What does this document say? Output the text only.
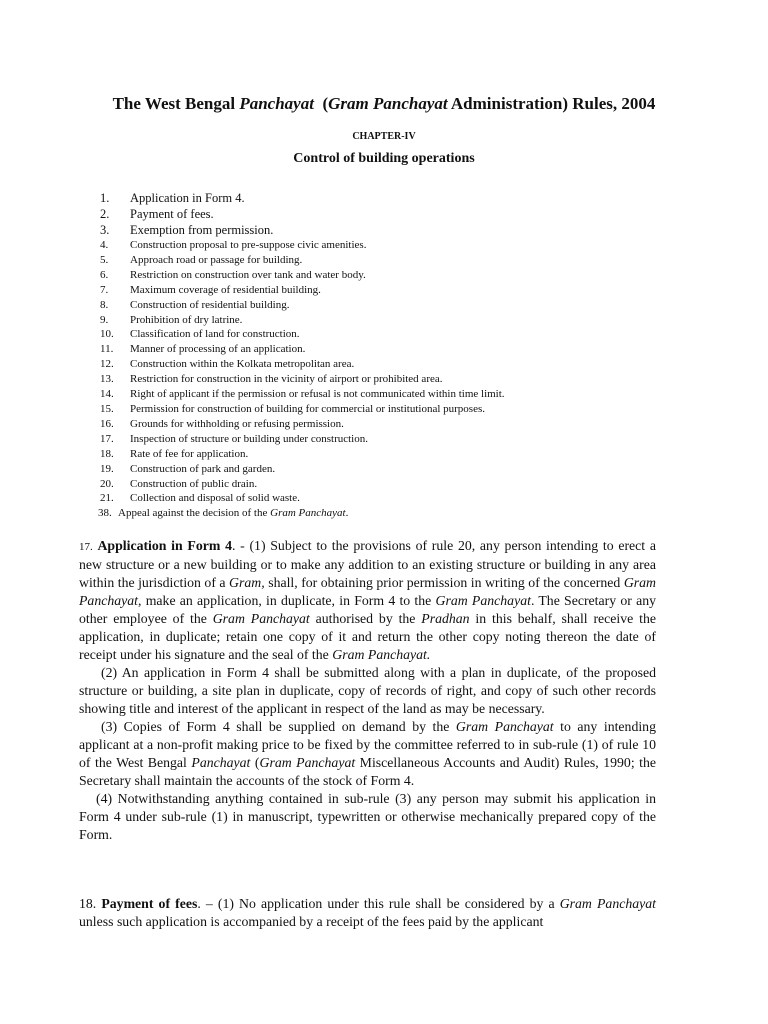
The West Bengal Panchayat  (Gram Panchayat Administration) Rules, 2004
CHAPTER-IV
Control of building operations
1. Application in Form 4.
2. Payment of fees.
3. Exemption from permission.
4. Construction proposal to pre-suppose civic amenities.
5. Approach road or passage for building.
6. Restriction on construction over tank and water body.
7. Maximum coverage of residential building.
8. Construction of residential building.
9. Prohibition of dry latrine.
10. Classification of land for construction.
11. Manner of processing of an application.
12. Construction within the Kolkata metropolitan area.
13. Restriction for construction in the vicinity of airport or prohibited area.
14. Right of applicant if the permission or refusal is not communicated within time limit.
15. Permission for construction of building for commercial or institutional purposes.
16. Grounds for withholding or refusing permission.
17. Inspection of structure or building under construction.
18. Rate of fee for application.
19. Construction of park and garden.
20. Construction of public drain.
21. Collection and disposal of solid waste.
38. Appeal against the decision of the Gram Panchayat.

17. Application in Form 4. - (1) Subject to the provisions of rule 20, any person intending to erect a new structure or a new building or to make any addition to an existing structure or building in any area within the jurisdiction of a Gram, shall, for obtaining prior permission in writing of the concerned Gram Panchayat, make an application, in duplicate, in Form 4 to the Gram Panchayat. The Secretary or any other employee of the Gram Panchayat authorised by the Pradhan in this behalf, shall receive the application, in duplicate; retain one copy of it and return the other copy noting thereon the date of receipt under his signature and the seal of the Gram Panchayat.

(2) An application in Form 4 shall be submitted along with a plan in duplicate, of the proposed structure or building, a site plan in duplicate, copy of records of right, and copy of such other records showing title and interest of the applicant in respect of the land as may be necessary.

(3) Copies of Form 4 shall be supplied on demand by the Gram Panchayat to any intending applicant at a non-profit making price to be fixed by the committee referred to in sub-rule (1) of rule 10 of the West Bengal Panchayat (Gram Panchayat Miscellaneous Accounts and Audit) Rules, 1990; the Secretary shall maintain the accounts of the stock of Form 4.

(4) Notwithstanding anything contained in sub-rule (3) any person may submit his application in Form 4 under sub-rule (1) in manuscript, typewritten or otherwise mechanically prepared copy of the Form.

18. Payment of fees. – (1) No application under this rule shall be considered by a Gram Panchayat unless such application is accompanied by a receipt of the fees paid by the applicant
